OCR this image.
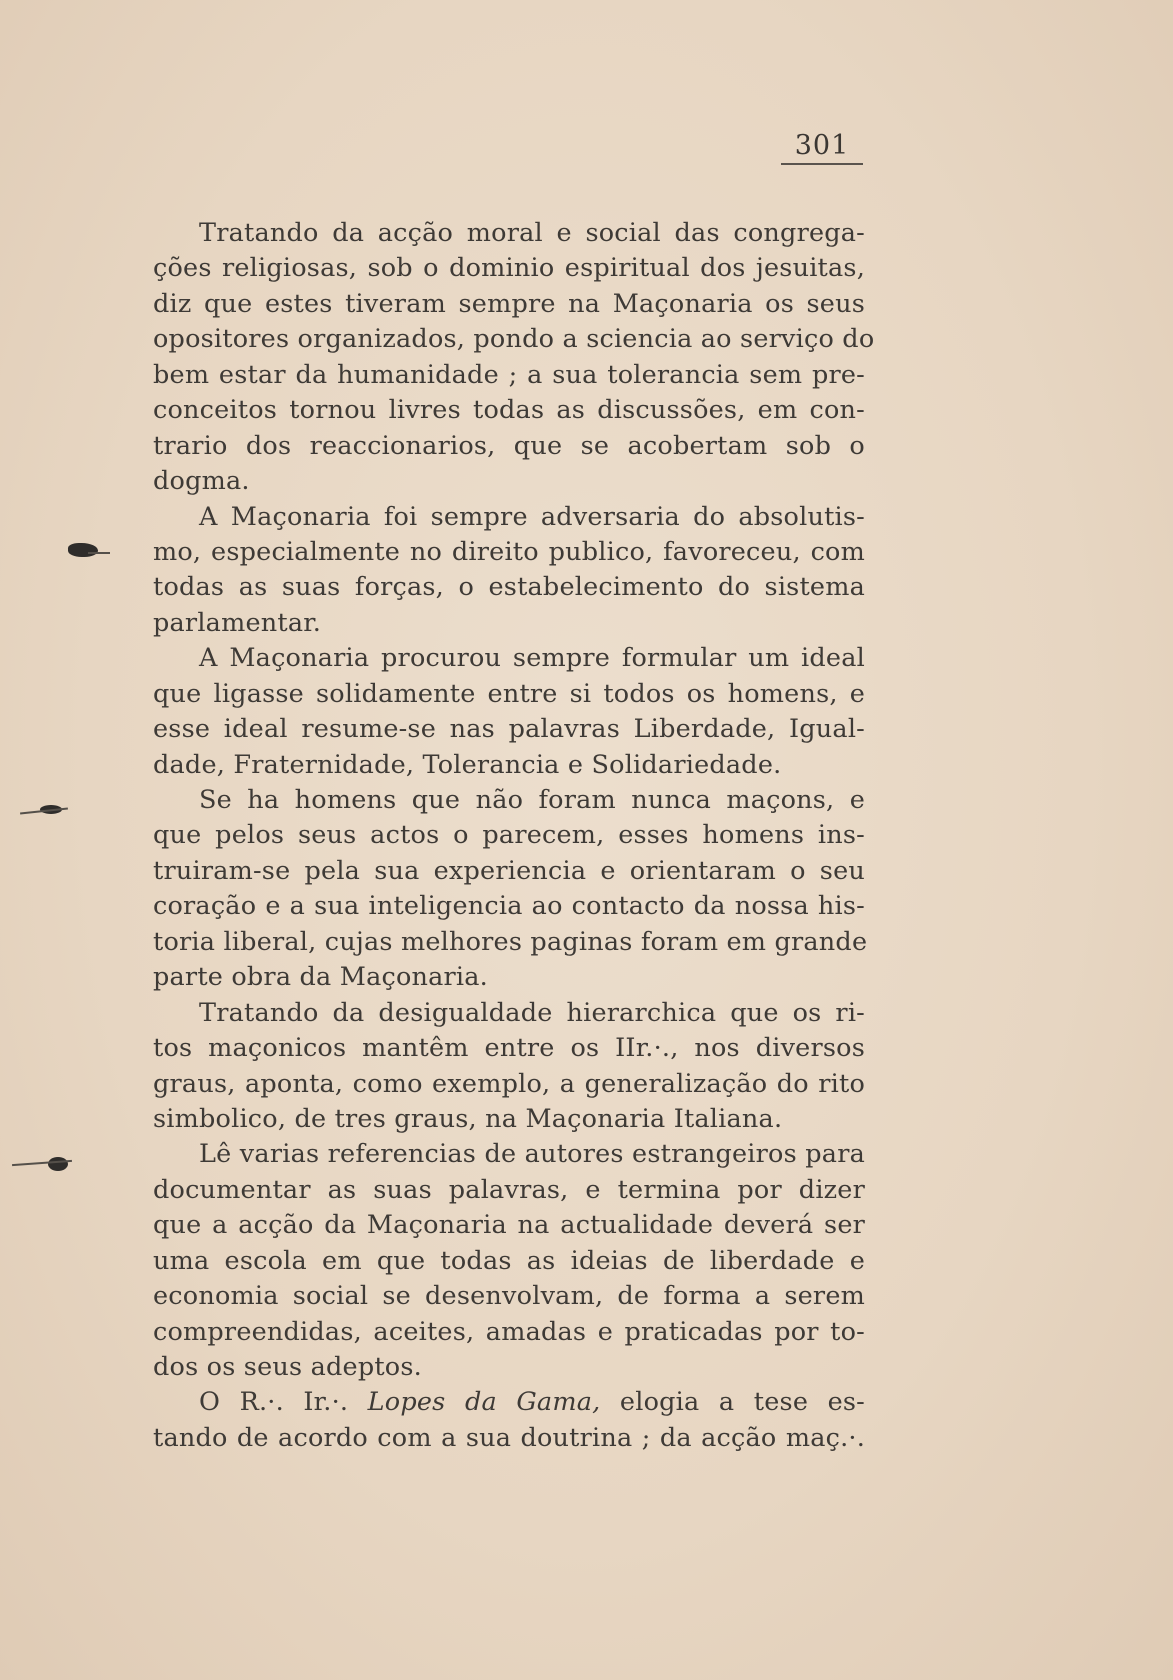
301
Tratando da acção moral e social das congrega-
ções religiosas, sob o dominio espiritual dos jesuitas,
diz que estes tiveram sempre na Maçonaria os seus
opositores organizados, pondo a sciencia ao serviço do
bem estar da humanidade ; a sua tolerancia sem pre-
conceitos tornou livres todas as discussões, em con-
trario dos reaccionarios, que se acobertam sob o
dogma.
A Maçonaria foi sempre adversaria do absolutis-
mo, especialmente no direito publico, favoreceu, com
todas as suas forças, o estabelecimento do sistema
parlamentar.
A Maçonaria procurou sempre formular um ideal
que ligasse solidamente entre si todos os homens, e
esse ideal resume-se nas palavras Liberdade, Igual-
dade, Fraternidade, Tolerancia e Solidariedade.
Se ha homens que não foram nunca maçons, e
que pelos seus actos o parecem, esses homens ins-
truiram-se pela sua experiencia e orientaram o seu
coração e a sua inteligencia ao contacto da nossa his-
toria liberal, cujas melhores paginas foram em grande
parte obra da Maçonaria.
Tratando da desigualdade hierarchica que os ri-
tos maçonicos mantêm entre os IIr.·., nos diversos
graus, aponta, como exemplo, a generalização do rito
simbolico, de tres graus, na Maçonaria Italiana.
Lê varias referencias de autores estrangeiros para
documentar as suas palavras, e termina por dizer
que a acção da Maçonaria na actualidade deverá ser
uma escola em que todas as ideias de liberdade e
economia social se desenvolvam, de forma a serem
compreendidas, aceites, amadas e praticadas por to-
dos os seus adeptos.
O R.·. Ir.·. Lopes da Gama, elogia a tese es-
tando de acordo com a sua doutrina ; da acção maç.·.
